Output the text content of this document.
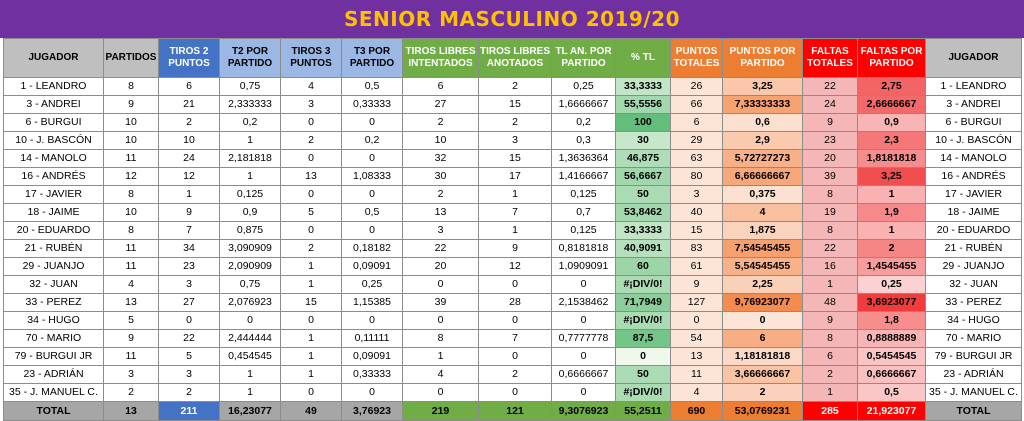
SENIOR MASCULINO 2019/20
JUGADOR	PARTIDOS	TIROS 2 PUNTOS	T2 POR PARTIDO	TIROS 3 PUNTOS	T3 POR PARTIDO	TIROS LIBRES INTENTADOS	TIROS LIBRES ANOTADOS	TL AN. POR PARTIDO	% TL	PUNTOS TOTALES	PUNTOS POR PARTIDO	FALTAS TOTALES	FALTAS POR PARTIDO	JUGADOR
1 - LEANDRO	8	6	0,75	4	0,5	6	2	0,25	33,3333	26	3,25	22	2,75	1 - LEANDRO
3 - ANDREI	9	21	2,333333	3	0,33333	27	15	1,6666667	55,5556	66	7,33333333	24	2,6666667	3 - ANDREI
6 - BURGUI	10	2	0,2	0	0	2	2	0,2	100	6	0,6	9	0,9	6 - BURGUI
10 - J. BASCÓN	10	10	1	2	0,2	10	3	0,3	30	29	2,9	23	2,3	10 - J. BASCÓN
14 - MANOLO	11	24	2,181818	0	0	32	15	1,3636364	46,875	63	5,72727273	20	1,8181818	14 - MANOLO
16 - ANDRÉS	12	12	1	13	1,08333	30	17	1,4166667	56,6667	80	6,66666667	39	3,25	16 - ANDRÉS
17 - JAVIER	8	1	0,125	0	0	2	1	0,125	50	3	0,375	8	1	17 - JAVIER
18 - JAIME	10	9	0,9	5	0,5	13	7	0,7	53,8462	40	4	19	1,9	18 - JAIME
20 - EDUARDO	8	7	0,875	0	0	3	1	0,125	33,3333	15	1,875	8	1	20 - EDUARDO
21 - RUBÉN	11	34	3,090909	2	0,18182	22	9	0,8181818	40,9091	83	7,54545455	22	2	21 - RUBÉN
29 - JUANJO	11	23	2,090909	1	0,09091	20	12	1,0909091	60	61	5,54545455	16	1,4545455	29 - JUANJO
32 - JUAN	4	3	0,75	1	0,25	0	0	0	#¡DIV/0!	9	2,25	1	0,25	32 - JUAN
33 - PEREZ	13	27	2,076923	15	1,15385	39	28	2,1538462	71,7949	127	9,76923077	48	3,6923077	33 - PEREZ
34 - HUGO	5	0	0	0	0	0	0	0	#¡DIV/0!	0	0	9	1,8	34 - HUGO
70 - MARIO	9	22	2,444444	1	0,11111	8	7	0,7777778	87,5	54	6	8	0,8888889	70 - MARIO
79 - BURGUI JR	11	5	0,454545	1	0,09091	1	0	0	0	13	1,18181818	6	0,5454545	79 - BURGUI JR
23 - ADRIÁN	3	3	1	1	0,33333	4	2	0,6666667	50	11	3,66666667	2	0,6666667	23 - ADRIÁN
35 - J. MANUEL C.	2	2	1	0	0	0	0	0	#¡DIV/0!	4	2	1	0,5	35 - J. MANUEL C.
TOTAL	13	211	16,23077	49	3,76923	219	121	9,3076923	55,2511	690	53,0769231	285	21,923077	TOTAL
